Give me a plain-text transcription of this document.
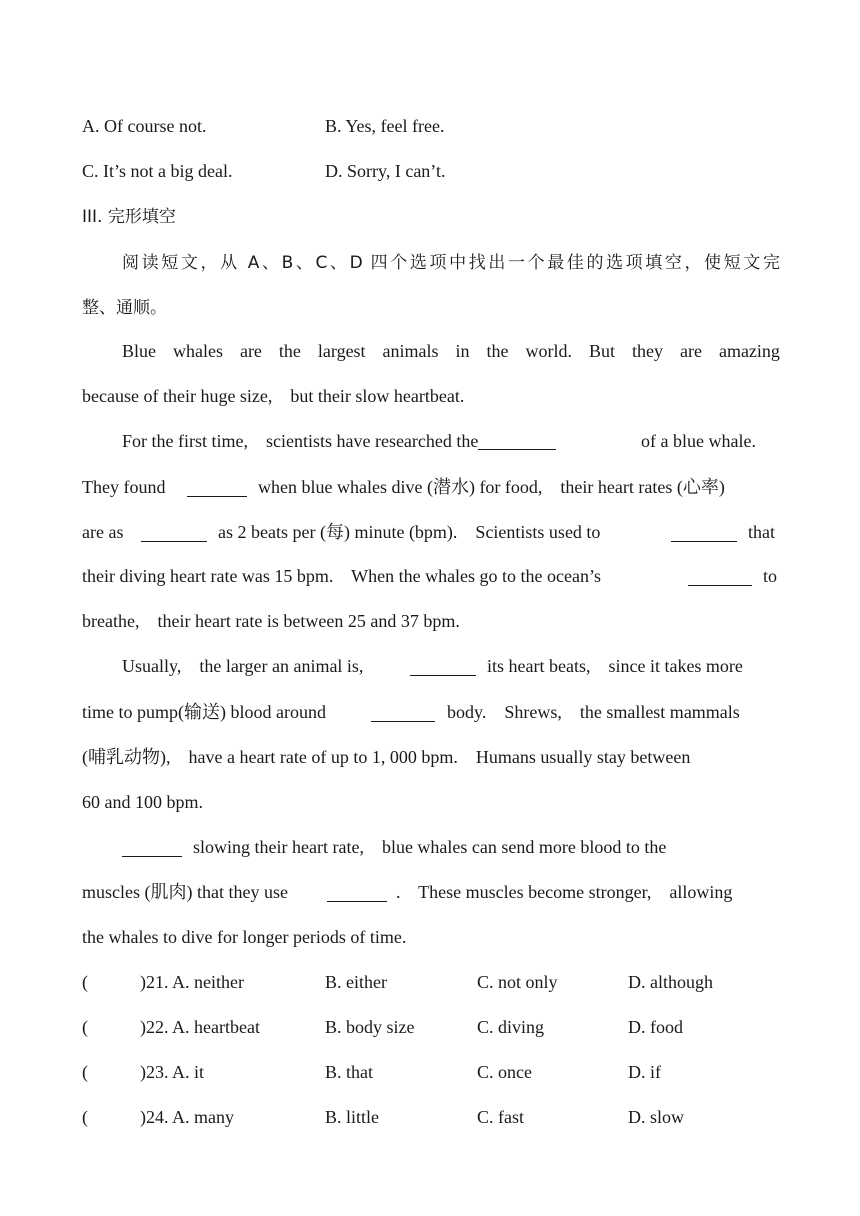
A. Of course not.	B. Yes, feel free.
C. It’s not a big deal.	D. Sorry, I can’t.
III. 完形填空
阅读短文，从 A、B、C、D 四个选项中找出一个最佳的选项填空，使短文完
整、通顺。
Blue whales are the largest animals in the world. But they are amazing
because of their huge size,    but their slow heartbeat.
For the first time,    scientists have researched the	of a blue whale.
They found	when blue whales dive (潜水) for food,    their heart rates (心率)
are as	as 2 beats per (每) minute (bpm).    Scientists used to	that
their diving heart rate was 15 bpm.    When the whales go to the ocean’s	to
breathe,    their heart rate is between 25 and 37 bpm.
Usually,    the larger an animal is,	its heart beats,    since it takes more
time to pump(输送) blood around	body.    Shrews,    the smallest mammals
(哺乳动物),    have a heart rate of up to 1, 000 bpm.    Humans usually stay between
60 and 100 bpm.
slowing their heart rate,    blue whales can send more blood to the
muscles (肌肉) that they use	.    These muscles become stronger,    allowing
the whales to dive for longer periods of time.
(	)21. A. neither	B. either	C. not only	D. although
(	)22. A. heartbeat	B. body size	C. diving	D. food
(	)23. A. it	B. that	C. once	D. if
(	)24. A. many	B. little	C. fast	D. slow
